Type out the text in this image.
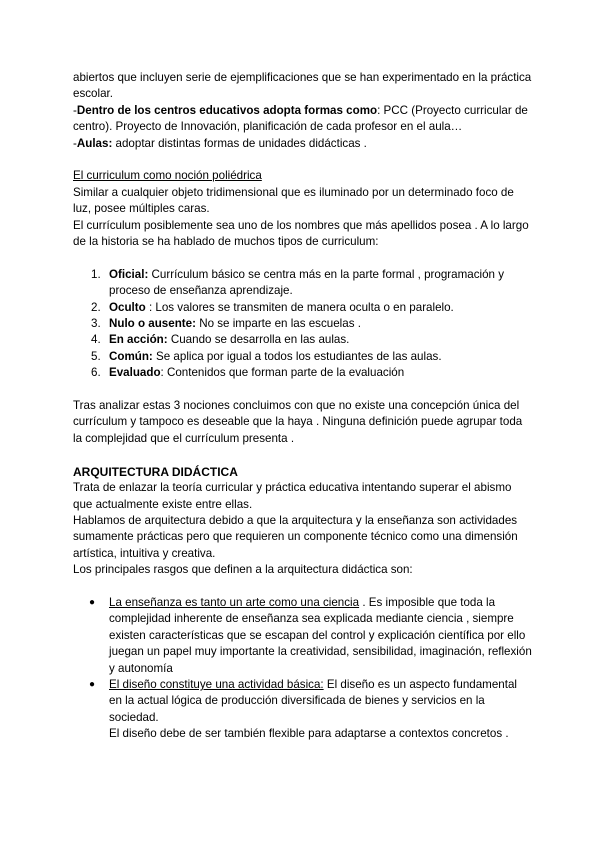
abiertos que incluyen serie de ejemplificaciones que se han experimentado en la práctica escolar.

-Dentro de los centros educativos adopta formas como: PCC (Proyecto curricular de centro). Proyecto de Innovación, planificación de cada profesor en el aula…

-Aulas: adoptar distintas formas de unidades didácticas .

El curriculum como noción poliédrica

Similar a cualquier objeto tridimensional que es iluminado por un determinado foco de luz, posee múltiples caras.

El currículum posiblemente sea uno de los nombres que más apellidos posea . A lo largo de la historia se ha hablado de muchos tipos de curriculum:

1. Oficial: Currículum básico se centra más en la parte formal , programación y proceso de enseñanza aprendizaje.
2. Oculto : Los valores se transmiten de manera oculta o en paralelo.
3. Nulo o ausente: No se imparte en las escuelas .
4. En acción: Cuando se desarrolla en las aulas.
5. Común: Se aplica por igual a todos los estudiantes de las aulas.
6. Evaluado: Contenidos que forman parte de la evaluación

Tras analizar estas 3 nociones concluimos con que no existe una concepción única del currículum y tampoco es deseable que la haya . Ninguna definición puede agrupar toda la complejidad que el currículum presenta .

ARQUITECTURA DIDÁCTICA

Trata de enlazar la teoría curricular y práctica educativa intentando superar el abismo que actualmente existe entre ellas.

Hablamos de arquitectura debido a que la arquitectura y la enseñanza son actividades sumamente prácticas pero que requieren un componente técnico como una dimensión artística, intuitiva y creativa.

Los principales rasgos que definen a la arquitectura didáctica son:

● La enseñanza es tanto un arte como una ciencia . Es imposible que toda la complejidad inherente de enseñanza sea explicada mediante ciencia , siempre existen características que se escapan del control y explicación científica por ello juegan un papel muy importante la creatividad, sensibilidad, imaginación, reflexión y autonomía
● El diseño constituye una actividad básica: El diseño es un aspecto fundamental en la actual lógica de producción diversificada de bienes y servicios en la sociedad.
El diseño debe de ser también flexible para adaptarse a contextos concretos .
